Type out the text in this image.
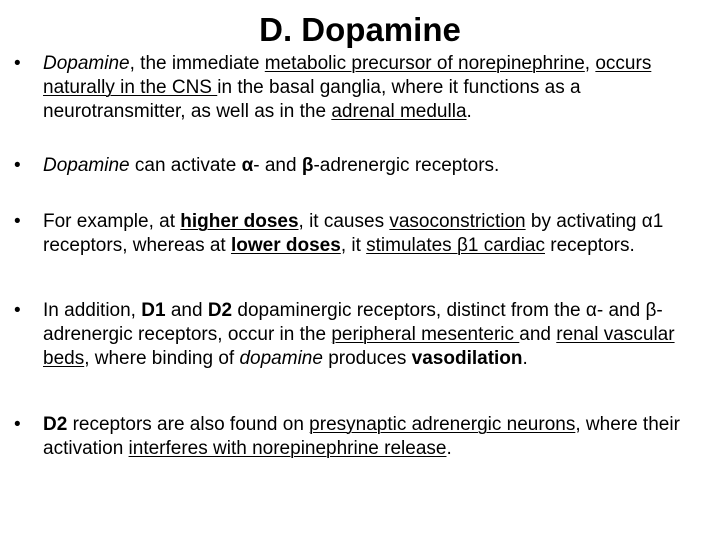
D. Dopamine
•	Dopamine, the immediate metabolic precursor of norepinephrine, occurs naturally in the CNS in the basal ganglia, where it functions as a neurotransmitter, as well as in the adrenal medulla.
•	Dopamine can activate α- and β-adrenergic receptors.
•	For example, at higher doses, it causes vasoconstriction by activating α1 receptors, whereas at lower doses, it stimulates β1 cardiac receptors.
•	In addition, D1 and D2 dopaminergic receptors, distinct from the α- and β-adrenergic receptors, occur in the peripheral mesenteric and renal vascular beds, where binding of dopamine produces vasodilation.
•	D2 receptors are also found on presynaptic adrenergic neurons, where their activation interferes with norepinephrine release.
